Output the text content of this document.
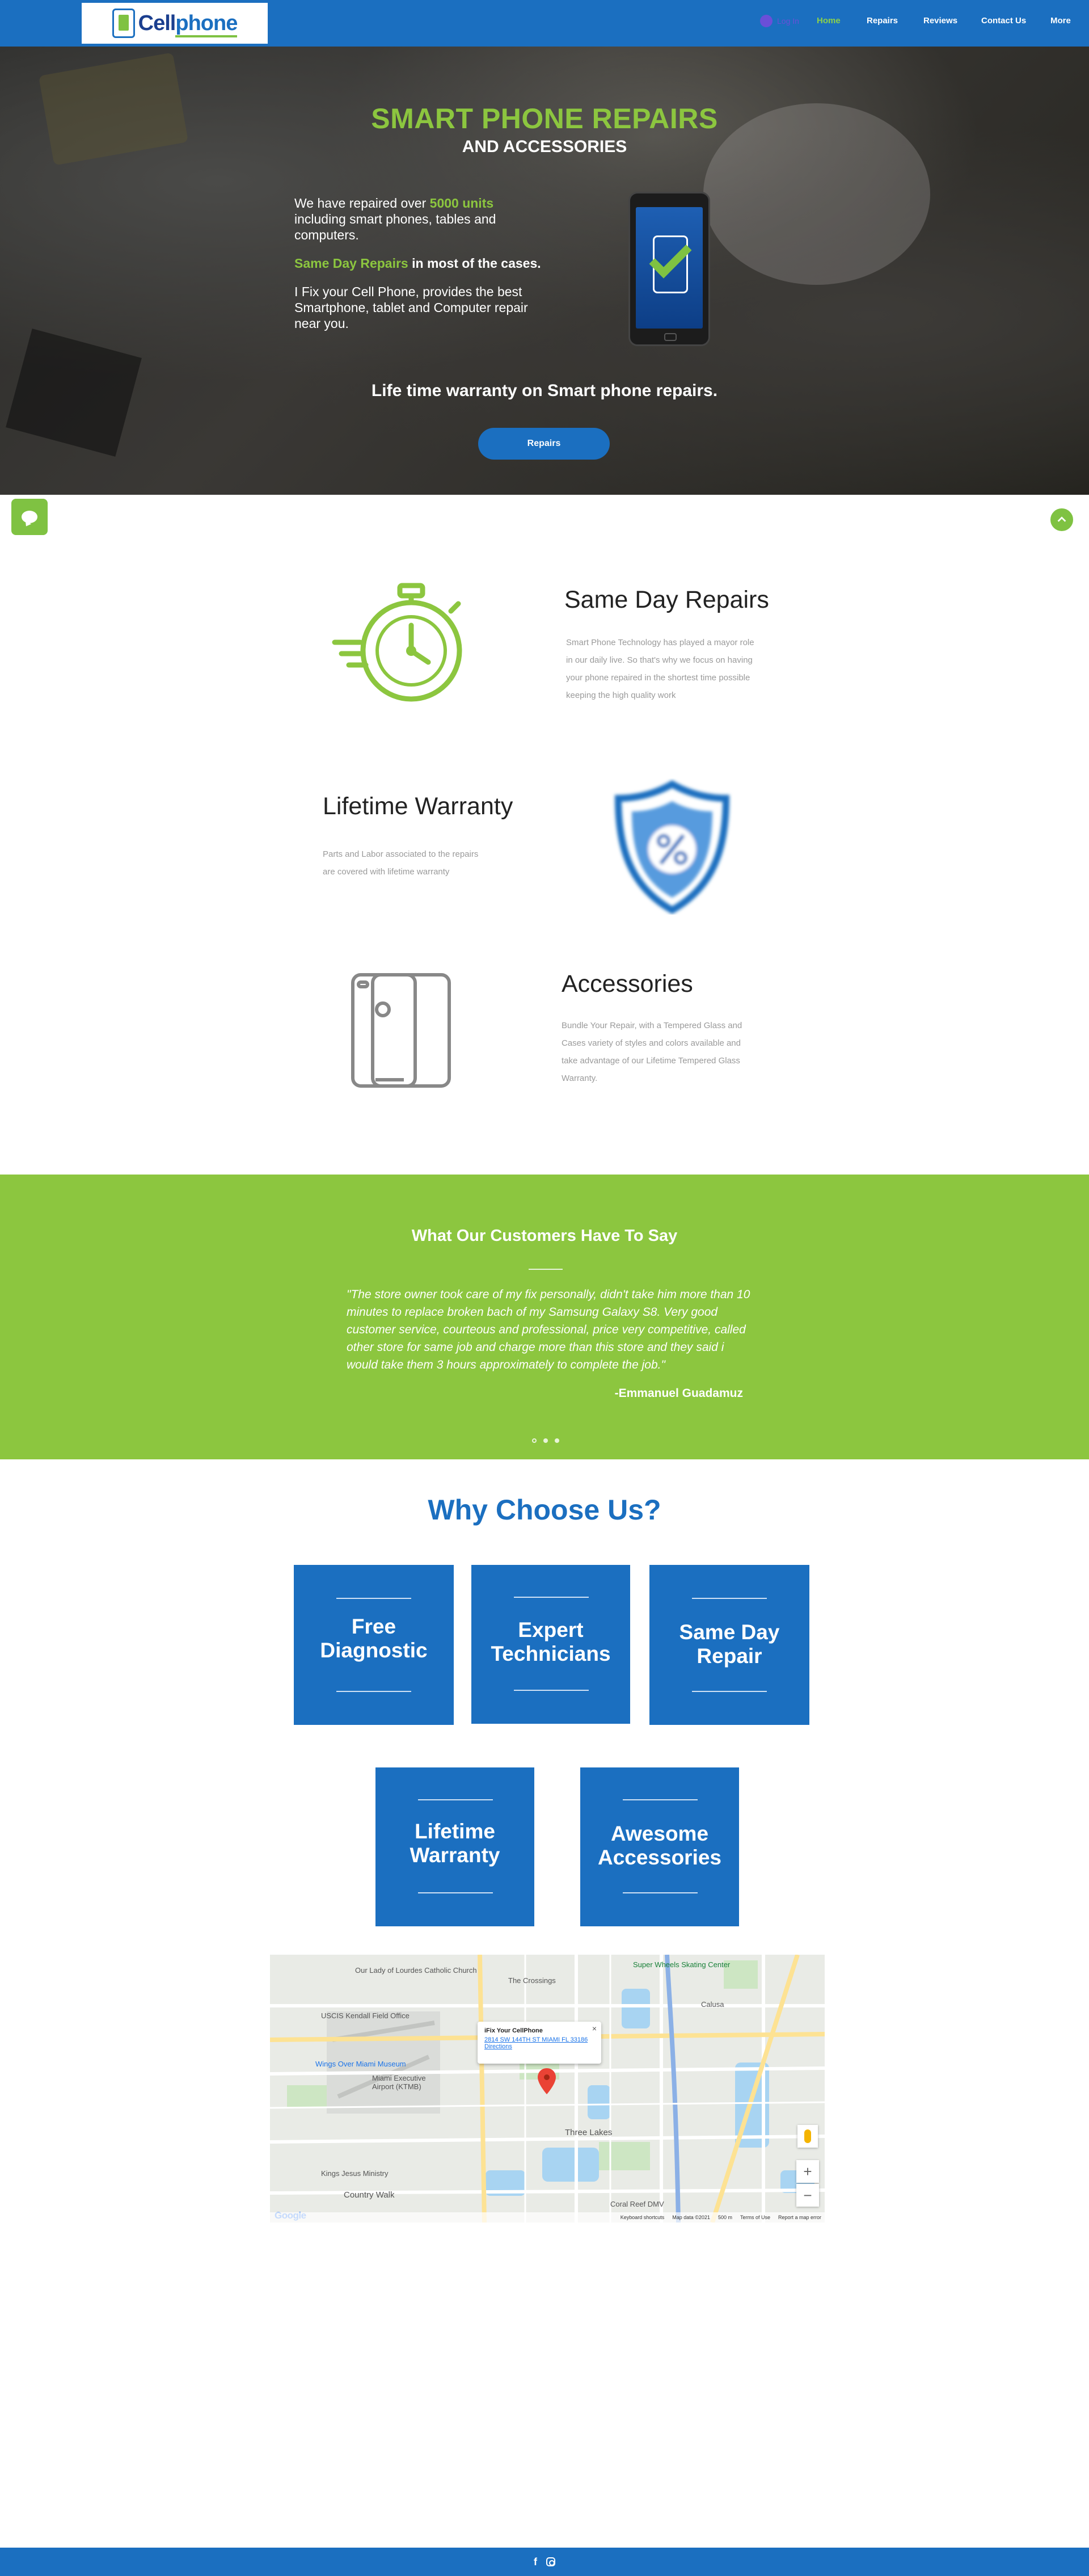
Cellphone	Log In Home	Repairs	Reviews	Contact Us	More
SMART PHONE REPAIRS
AND ACCESSORIES

We have repaired over 5000 units including smart phones, tables and computers.

Same Day Repairs in most of the cases.

I Fix your Cell Phone, provides the best Smartphone, tablet and Computer repair near you.

Life time warranty on Smart phone repairs.
Repairs
Same Day Repairs

Smart Phone Technology has played a mayor role in our daily live. So that's why we focus on having your phone repaired in the shortest time possible keeping the high quality work

Lifetime Warranty

Parts and Labor associated to the repairs are covered with lifetime warranty

Accessories

Bundle Your Repair, with a Tempered Glass and Cases variety of styles and colors available and take advantage of our Lifetime Tempered Glass Warranty.

What Our Customers Have To Say

"The store owner took care of my fix personally, didn't take him more than 10 minutes to replace broken bach of my Samsung Galaxy S8. Very good customer service, courteous and professional, price very competitive, called other store for same job and charge more than this store and they said i would take them 3 hours approximately to complete the job."

-Emmanuel Guadamuz

Why Choose Us?
Free
Diagnostic
Expert
Technicians
Same Day
Repair
Lifetime
Warranty
Awesome
Accessories
Our Lady of Lourdes Catholic Church
The Crossings
Super Wheels Skating Center
USCIS Kendall Field Office
Wings Over Miami Museum
Miami Executive Airport (KTMB)
Three Lakes
Kings Jesus Ministry
Country Walk
Coral Reef DMV
Calusa
×
iFix Your CellPhone
2814 SW 144TH ST MIAMI FL 33186
Directions
+
−
Keyboard shortcuts Map data ©2021 500 m Terms of Use Report a map error
f
